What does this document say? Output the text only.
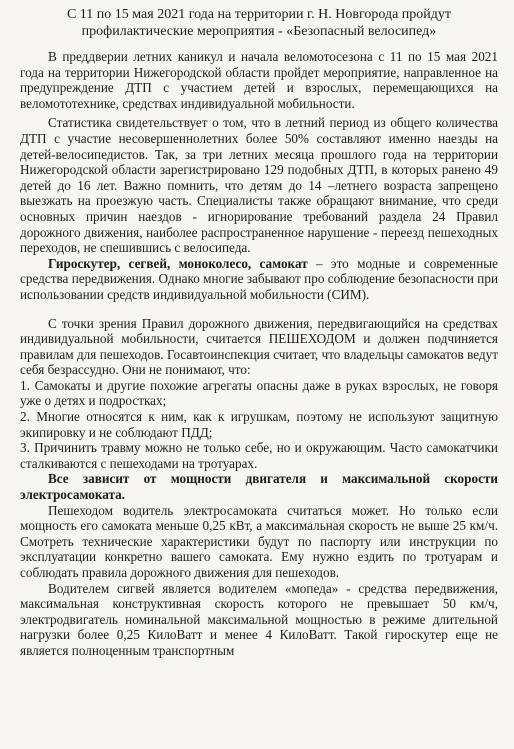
С 11 по 15 мая 2021 года на территории г. Н. Новгорода пройдут профилактические мероприятия - «Безопасный велосипед»

В преддверии летних каникул и начала веломотосезона с 11 по 15 мая 2021 года на территории Нижегородской области пройдет мероприятие, направленное на предупреждение ДТП с участием детей и взрослых, перемещающихся на веломототехнике, средствах индивидуальной мобильности.

Статистика свидетельствует о том, что в летний период из общего количества ДТП с участие несовершеннолетних более 50% составляют именно наезды на детей-велосипедистов. Так, за три летних месяца прошлого года на территории Нижегородской области зарегистрировано 129 подобных ДТП, в которых ранено 49 детей до 16 лет. Важно помнить, что детям до 14 –летнего возраста запрещено выезжать на проезжую часть. Специалисты также обращают внимание, что среди основных причин наездов - игнорирование требований раздела 24 Правил дорожного движения, наиболее распространенное нарушение - переезд пешеходных переходов, не спешившись с велосипеда.

Гироскутер, сегвей, моноколесо, самокат – это модные и современные средства передвижения. Однако многие забывают про соблюдение безопасности при использовании средств индивидуальной мобильности (СИМ).

С точки зрения Правил дорожного движения, передвигающийся на средствах индивидуальной мобильности, считается ПЕШЕХОДОМ и должен подчиняется правилам для пешеходов. Госавтоинспекция считает, что владельцы самокатов ведут себя безрассудно. Они не понимают, что:

1. Самокаты и другие похожие агрегаты опасны даже в руках взрослых, не говоря уже о детях и подростках;

2. Многие относятся к ним, как к игрушкам, поэтому не используют защитную экипировку и не соблюдают ПДД;

3. Причинить травму можно не только себе, но и окружающим. Часто самокатчики сталкиваются с пешеходами на тротуарах.

Все зависит от мощности двигателя и максимальной скорости электросамоката.

Пешеходом водитель электросамоката считаться может. Но только если мощность его самоката меньше 0,25 кВт, а максимальная скорость не выше 25 км/ч. Смотреть технические характеристики будут по паспорту или инструкции по эксплуатации конкретно вашего самоката. Ему нужно ездить по тротуарам и соблюдать правила дорожного движения для пешеходов.

Водителем сигвей является водителем «мопеда» - средства передвижения, максимальная конструктивная скорость которого не превышает 50 км/ч, электродвигатель номинальной максимальной мощностью в режиме длительной нагрузки более 0,25 КилоВатт и менее 4 КилоВатт. Такой гироскутер еще не является полноценным транспортным
